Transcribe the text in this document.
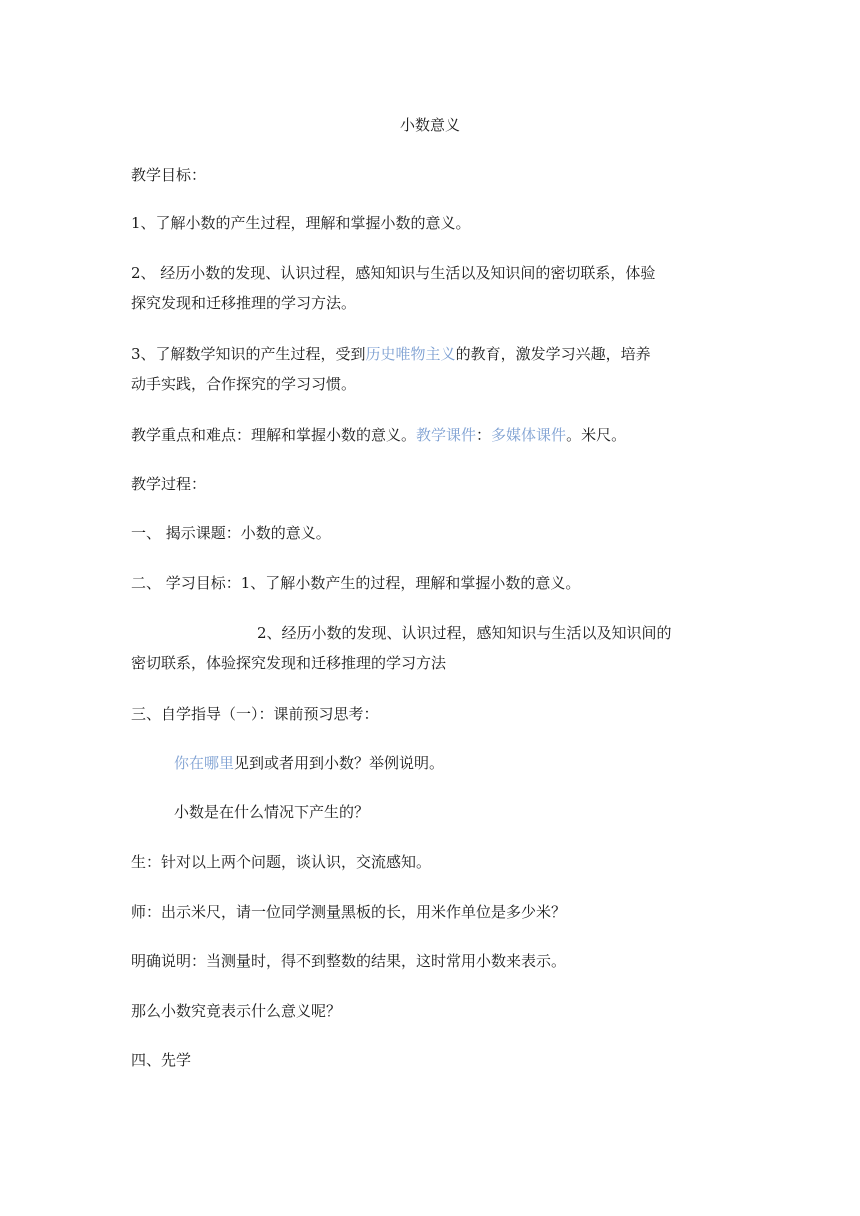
小数意义
教学目标：
1、了解小数的产生过程，理解和掌握小数的意义。
2、 经历小数的发现、认识过程，感知知识与生活以及知识间的密切联系，体验
探究发现和迁移推理的学习方法。
3、了解数学知识的产生过程，受到历史唯物主义的教育，激发学习兴趣，培养
动手实践，合作探究的学习习惯。
教学重点和难点：理解和掌握小数的意义。教学课件：多媒体课件。米尺。
教学过程：
一、 揭示课题：小数的意义。
二、 学习目标：1、了解小数产生的过程，理解和掌握小数的意义。
2、经历小数的发现、认识过程，感知知识与生活以及知识间的
密切联系，体验探究发现和迁移推理的学习方法
三、自学指导（一）：课前预习思考：
你在哪里见到或者用到小数？举例说明。
小数是在什么情况下产生的？
生：针对以上两个问题，谈认识，交流感知。
师：出示米尺，请一位同学测量黑板的长，用米作单位是多少米？
明确说明：当测量时，得不到整数的结果，这时常用小数来表示。
那么小数究竟表示什么意义呢？
四、先学
